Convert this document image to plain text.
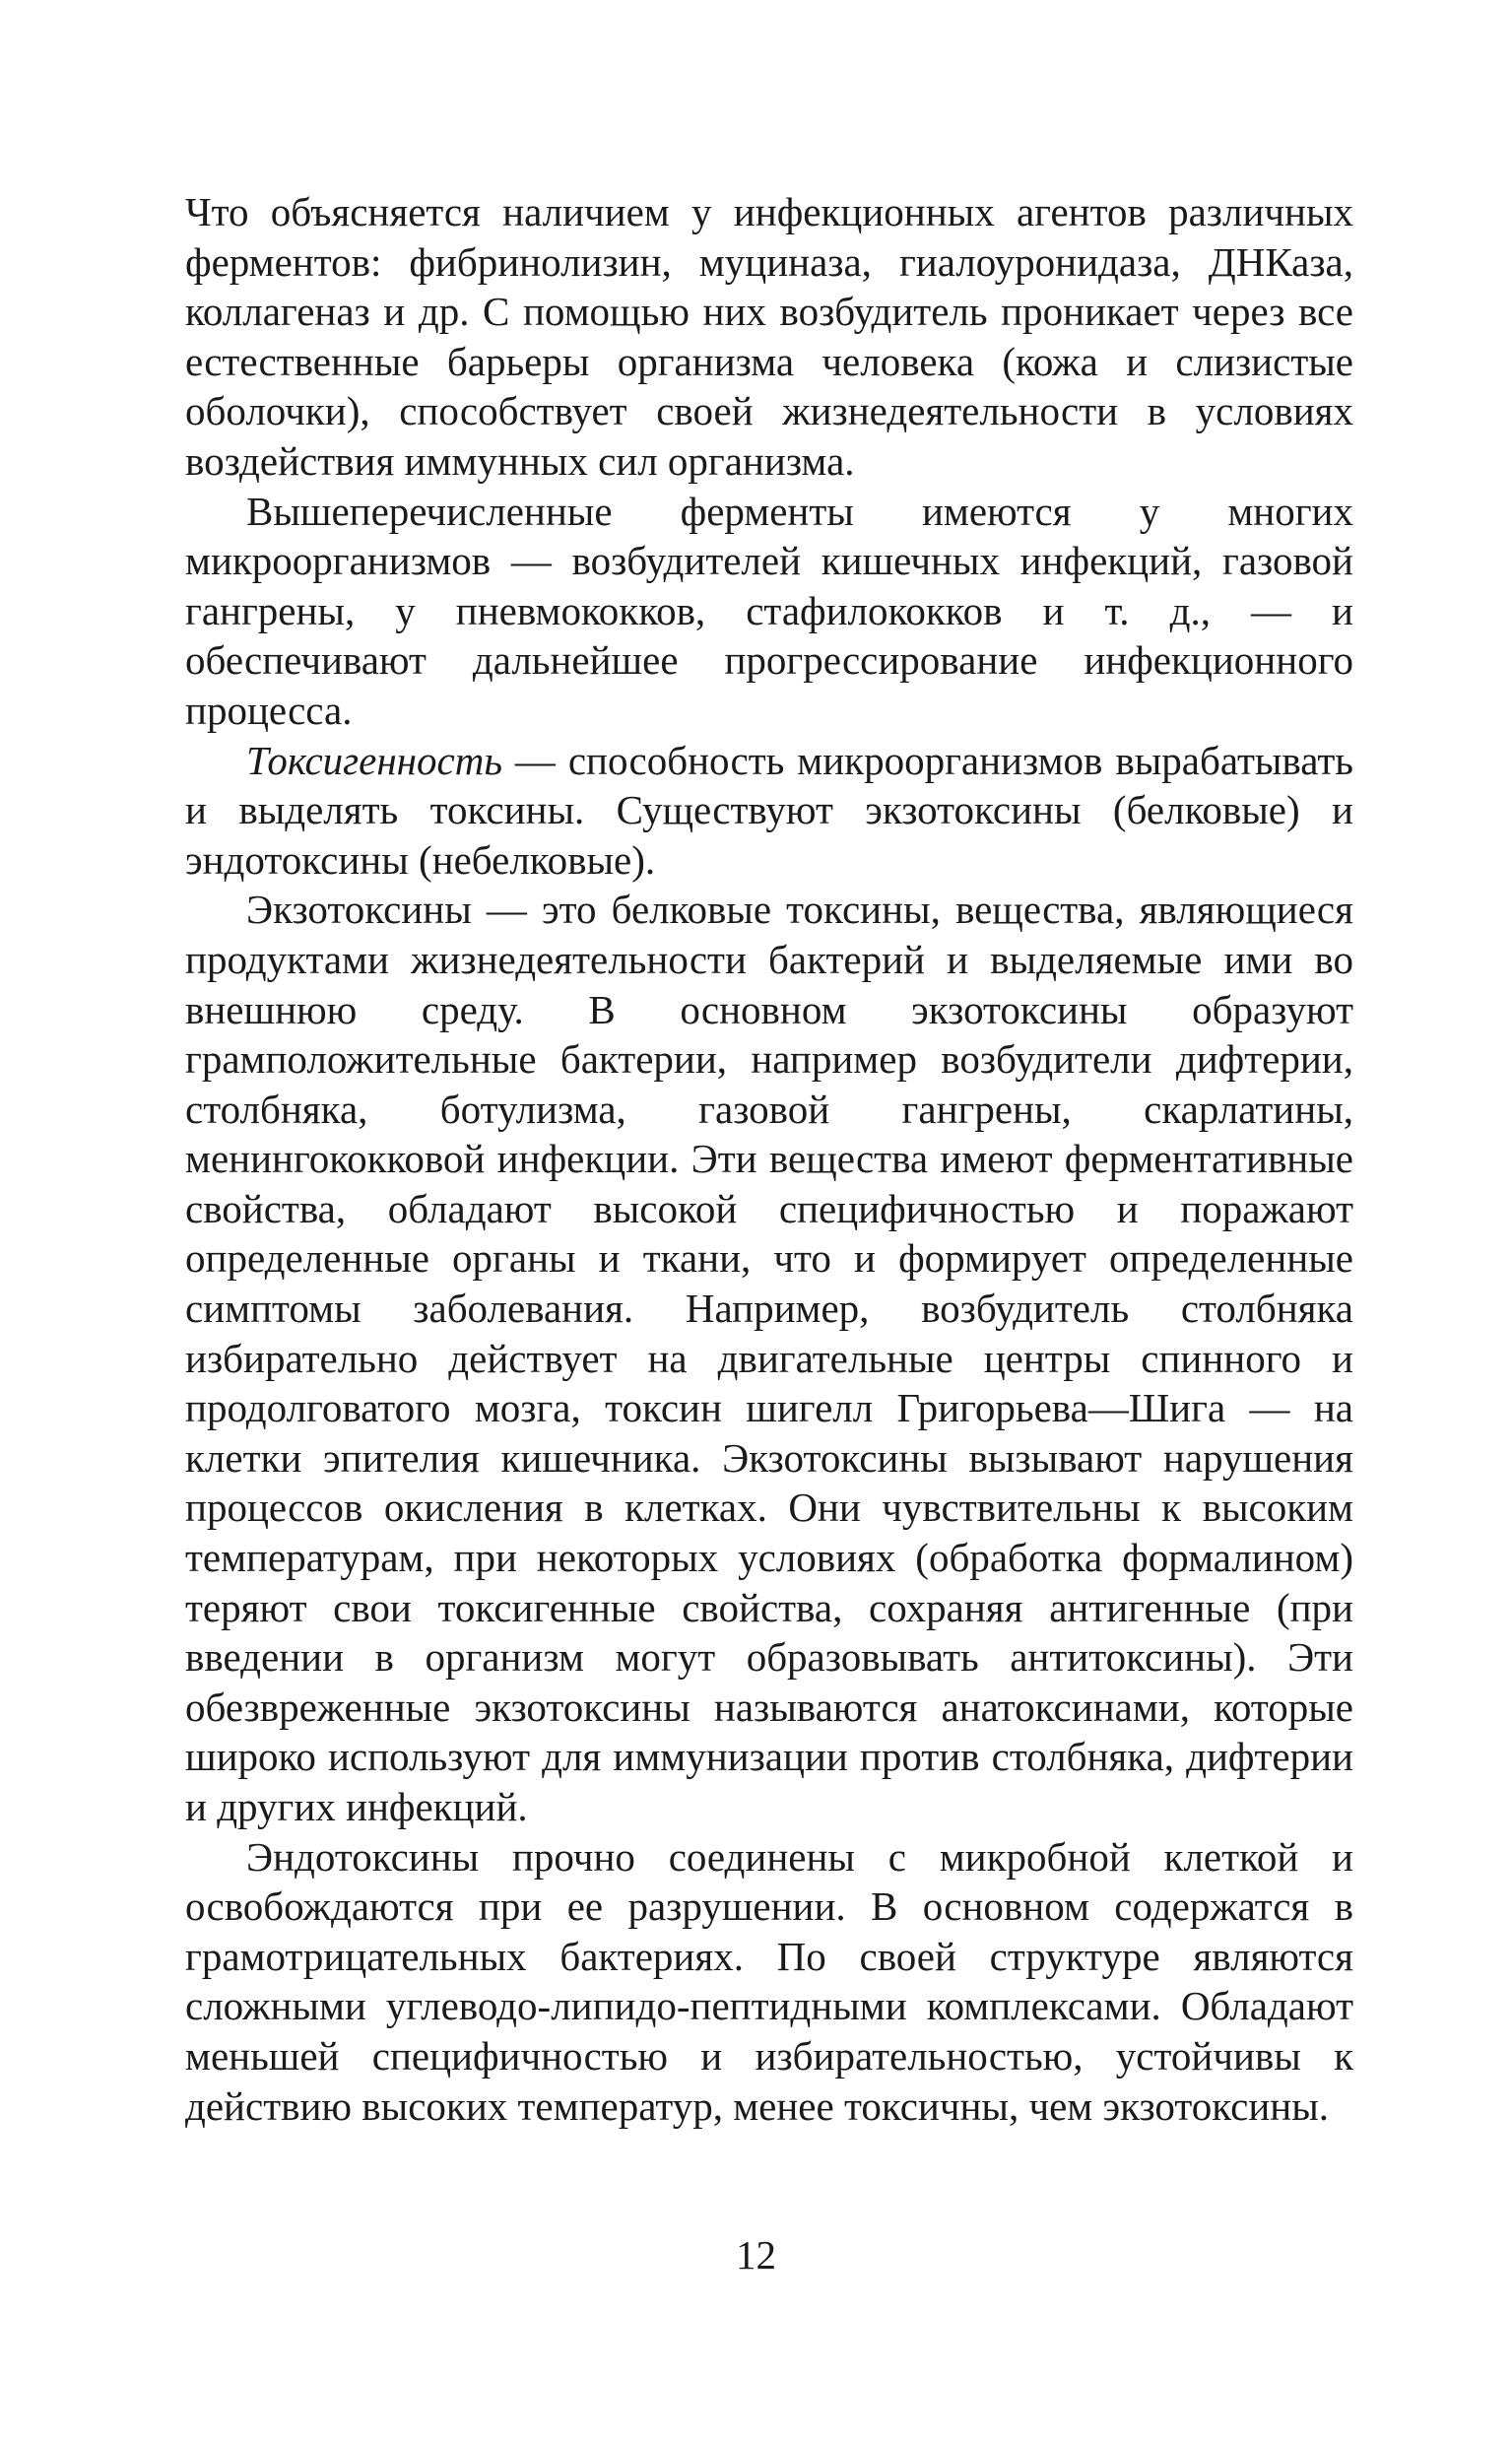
Что объясняется наличием у инфекционных агентов различных ферментов: фибринолизин, муциназа, гиалоуронидаза, ДНКаза, коллагеназ и др. С помощью них возбудитель проникает через все естественные барьеры организма человека (кожа и слизистые оболочки), способствует своей жизнедеятельности в условиях воздействия иммунных сил организма.

Вышеперечисленные ферменты имеются у многих микроорганизмов — возбудителей кишечных инфекций, газовой гангрены, у пневмококков, стафилококков и т. д., — и обеспечивают дальнейшее прогрессирование инфекционного процесса.

Токсигенность — способность микроорганизмов вырабатывать и выделять токсины. Существуют экзотоксины (белковые) и эндотоксины (небелковые).

Экзотоксины — это белковые токсины, вещества, являющиеся продуктами жизнедеятельности бактерий и выделяемые ими во внешнюю среду. В основном экзотоксины образуют грамположительные бактерии, например возбудители дифтерии, столбняка, ботулизма, газовой гангрены, скарлатины, менингококковой инфекции. Эти вещества имеют ферментативные свойства, обладают высокой специфичностью и поражают определенные органы и ткани, что и формирует определенные симптомы заболевания. Например, возбудитель столбняка избирательно действует на двигательные центры спинного и продолговатого мозга, токсин шигелл Григорьева—Шига — на клетки эпителия кишечника. Экзотоксины вызывают нарушения процессов окисления в клетках. Они чувствительны к высоким температурам, при некоторых условиях (обработка формалином) теряют свои токсигенные свойства, сохраняя антигенные (при введении в организм могут образовывать антитоксины). Эти обезвреженные экзотоксины называются анатоксинами, которые широко используют для иммунизации против столбняка, дифтерии и других инфекций.

Эндотоксины прочно соединены с микробной клеткой и освобождаются при ее разрушении. В основном содержатся в грамотрицательных бактериях. По своей структуре являются сложными углеводо-липидо-пептидными комплексами. Обладают меньшей специфичностью и избирательностью, устойчивы к действию высоких температур, менее токсичны, чем экзотоксины.

12
